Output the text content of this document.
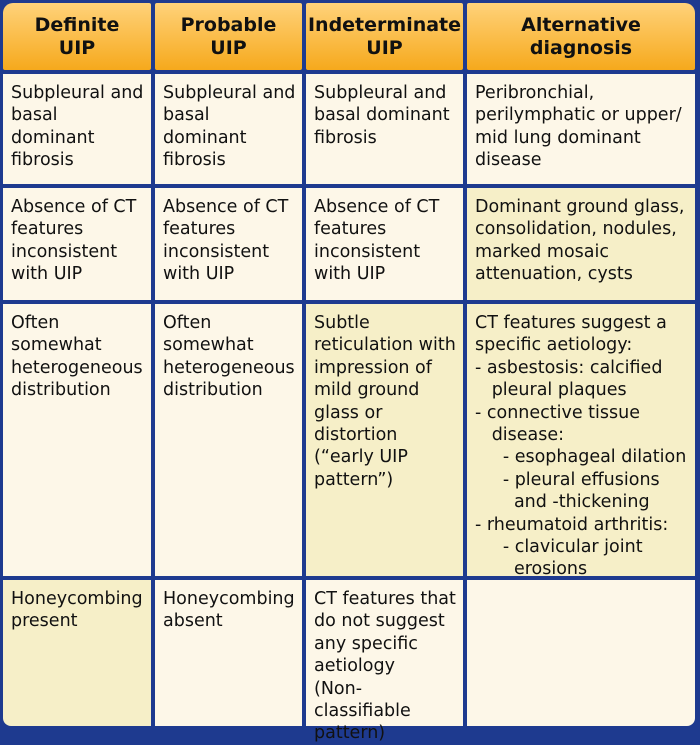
Definite
UIP
Probable
UIP
Indeterminate
UIP
Alternative
diagnosis
Subpleural and
basal
dominant
fibrosis
Subpleural and
basal
dominant
fibrosis
Subpleural and
basal dominant
fibrosis
Peribronchial,
perilymphatic or upper/
mid lung dominant
disease
Absence of CT
features
inconsistent
with UIP
Absence of CT
features
inconsistent
with UIP
Absence of CT
features
inconsistent
with UIP
Dominant ground glass,
consolidation, nodules,
marked mosaic
attenuation, cysts
Often
somewhat
heterogeneous
distribution
Often
somewhat
heterogeneous
distribution
Subtle
reticulation with
impression of
mild ground
glass or
distortion
(“early UIP
pattern”)
CT features suggest a
specific aetiology:
- asbestosis: calcified
pleural plaques
- connective tissue
disease:
- esophageal dilation
- pleural effusions
and -thickening
- rheumatoid arthritis:
- clavicular joint
erosions
Honeycombing
present
Honeycombing
absent
CT features that
do not suggest
any specific
aetiology
(Non-classifiable
pattern)
